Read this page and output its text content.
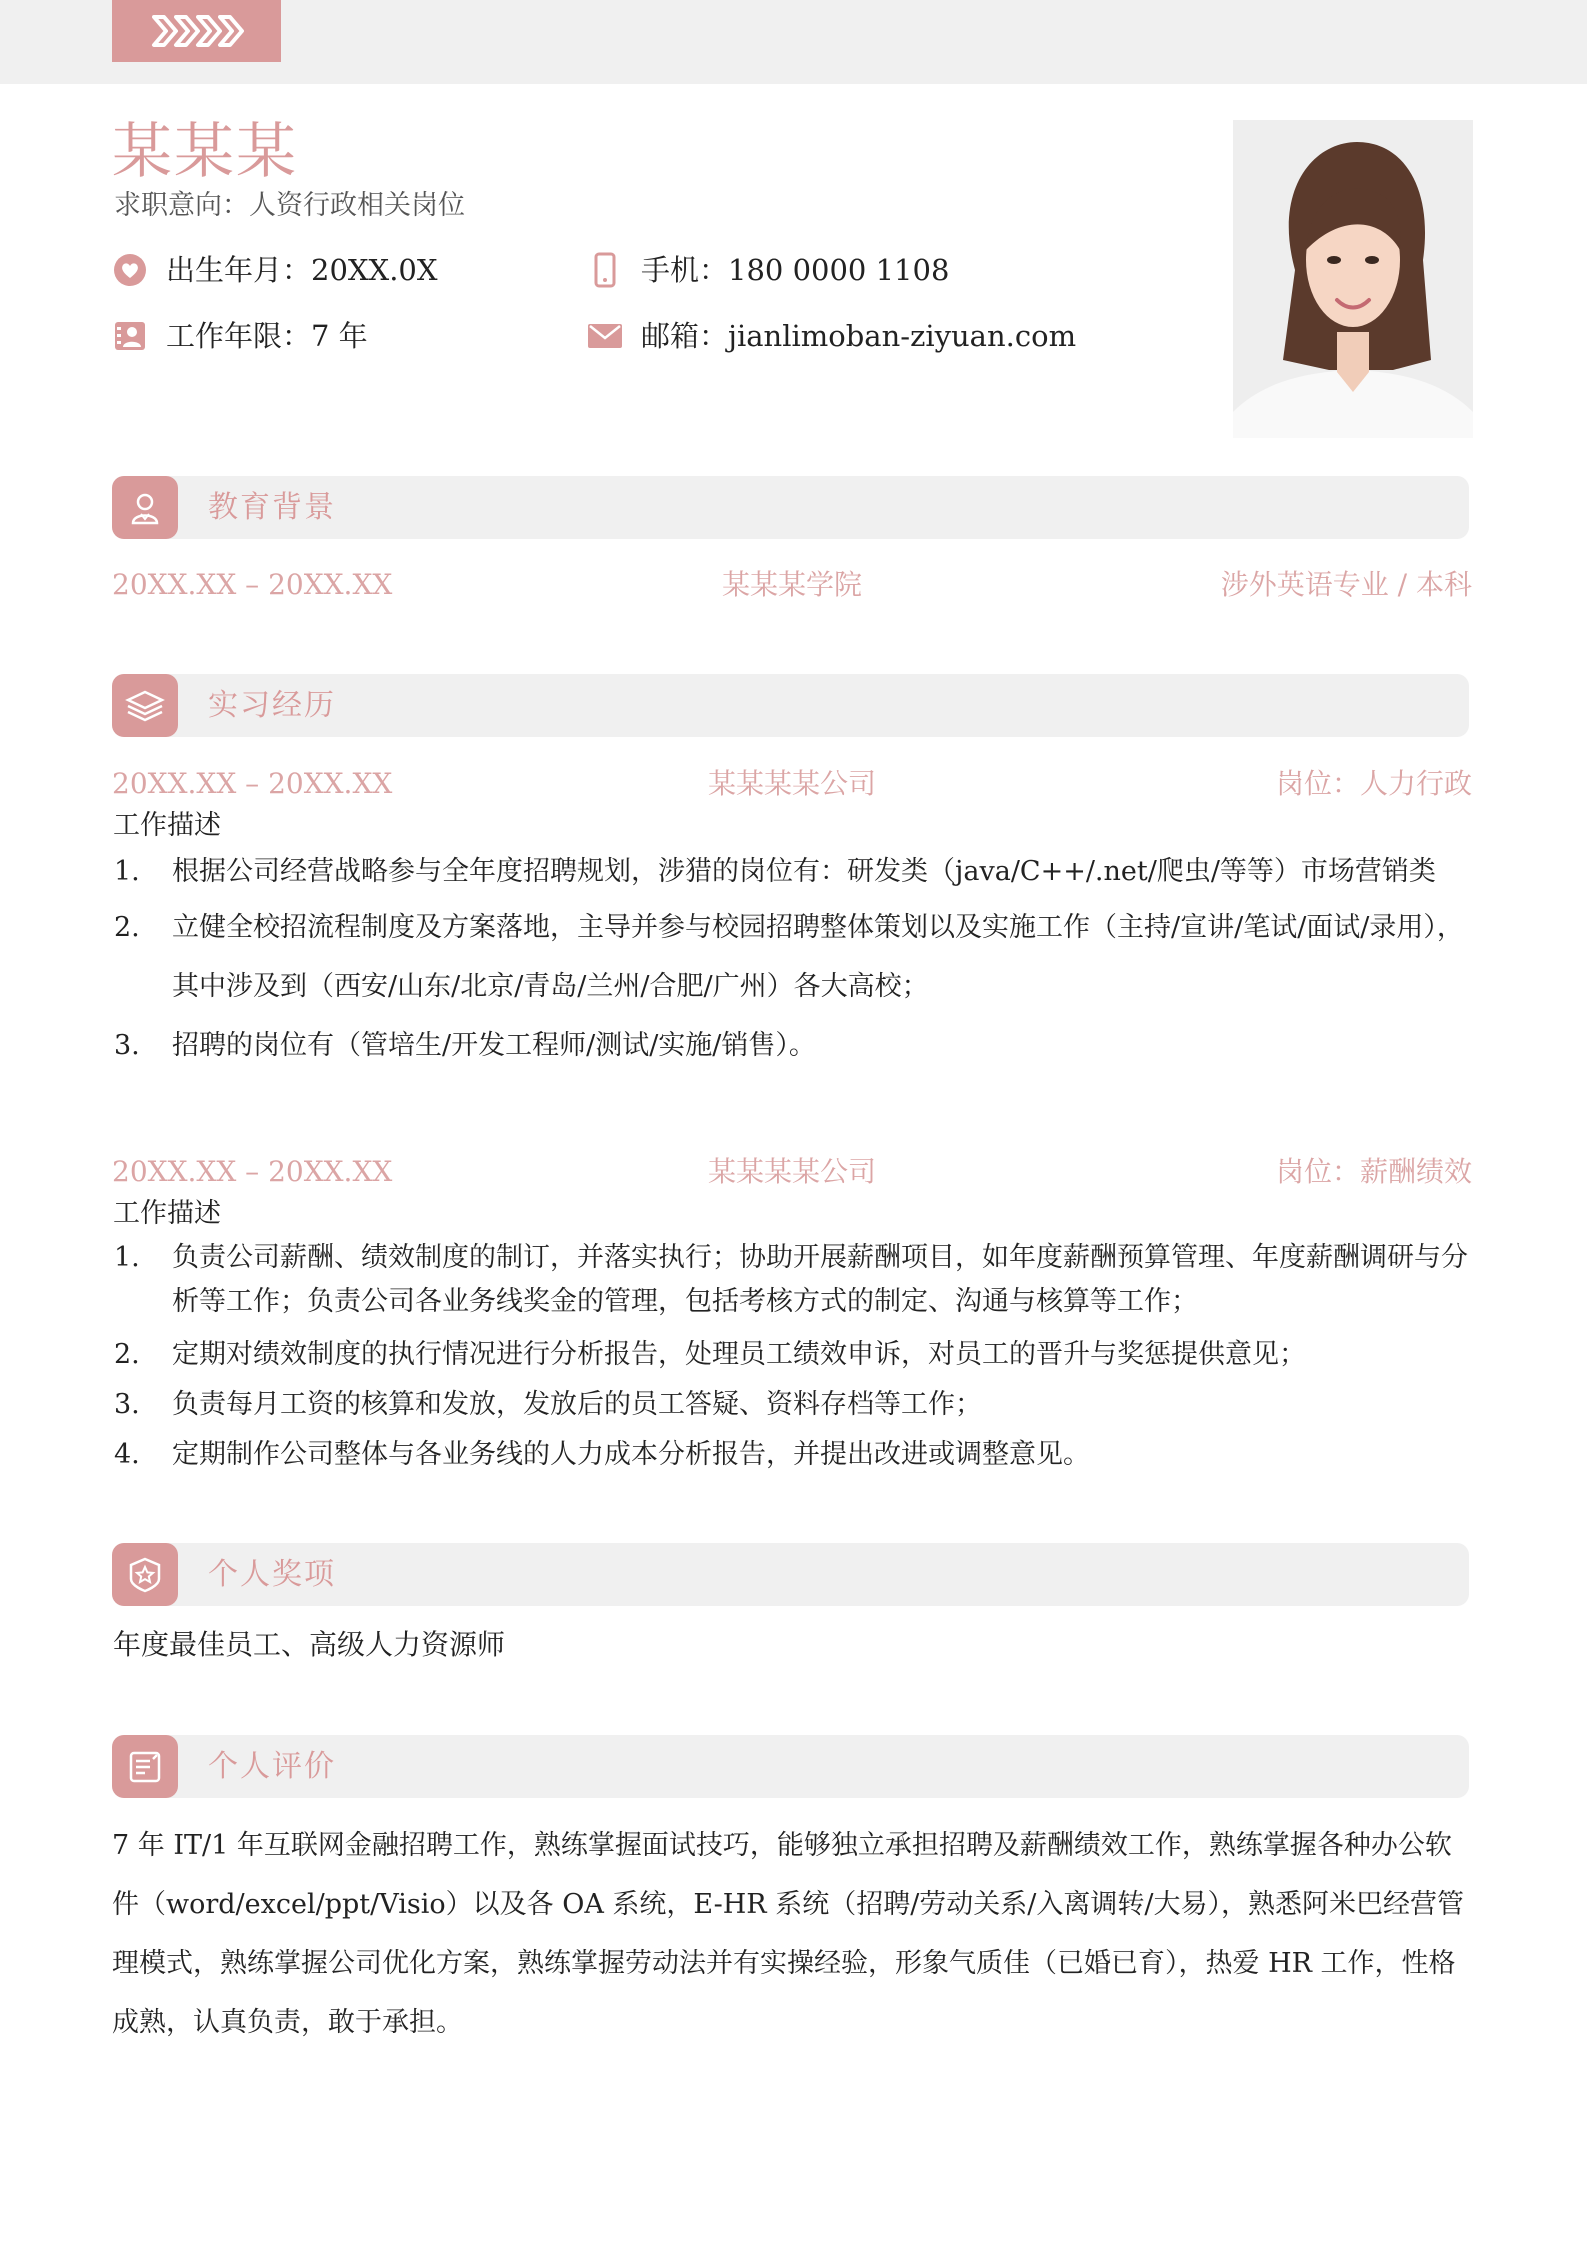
某某某
求职意向：人资行政相关岗位
出生年月：20XX.0X	手机：180 0000 1108
工作年限：7 年	邮箱：jianlimoban-ziyuan.com
教育背景
20XX.XX – 20XX.XX	某某某学院	涉外英语专业 / 本科
实习经历
20XX.XX – 20XX.XX	某某某某公司	岗位：人力行政
工作描述
1. 根据公司经营战略参与全年度招聘规划，涉猎的岗位有：研发类（java/C++/.net/爬虫/等等）市场营销类
2. 立健全校招流程制度及方案落地，主导并参与校园招聘整体策划以及实施工作（主持/宣讲/笔试/面试/录用），其中涉及到（西安/山东/北京/青岛/兰州/合肥/广州）各大高校；
3. 招聘的岗位有（管培生/开发工程师/测试/实施/销售）。
20XX.XX – 20XX.XX	某某某某公司	岗位：薪酬绩效
工作描述
1. 负责公司薪酬、绩效制度的制订，并落实执行；协助开展薪酬项目，如年度薪酬预算管理、年度薪酬调研与分析等工作；负责公司各业务线奖金的管理，包括考核方式的制定、沟通与核算等工作；
2. 定期对绩效制度的执行情况进行分析报告，处理员工绩效申诉，对员工的晋升与奖惩提供意见；
3. 负责每月工资的核算和发放，发放后的员工答疑、资料存档等工作；
4. 定期制作公司整体与各业务线的人力成本分析报告，并提出改进或调整意见。
个人奖项
年度最佳员工、高级人力资源师
个人评价

7 年 IT/1 年互联网金融招聘工作，熟练掌握面试技巧，能够独立承担招聘及薪酬绩效工作，熟练掌握各种办公软件（word/excel/ppt/Visio）以及各 OA 系统，E-HR 系统（招聘/劳动关系/入离调转/大易），熟悉阿米巴经营管理模式，熟练掌握公司优化方案，熟练掌握劳动法并有实操经验，形象气质佳（已婚已育），热爱 HR 工作，性格成熟，认真负责，敢于承担。
